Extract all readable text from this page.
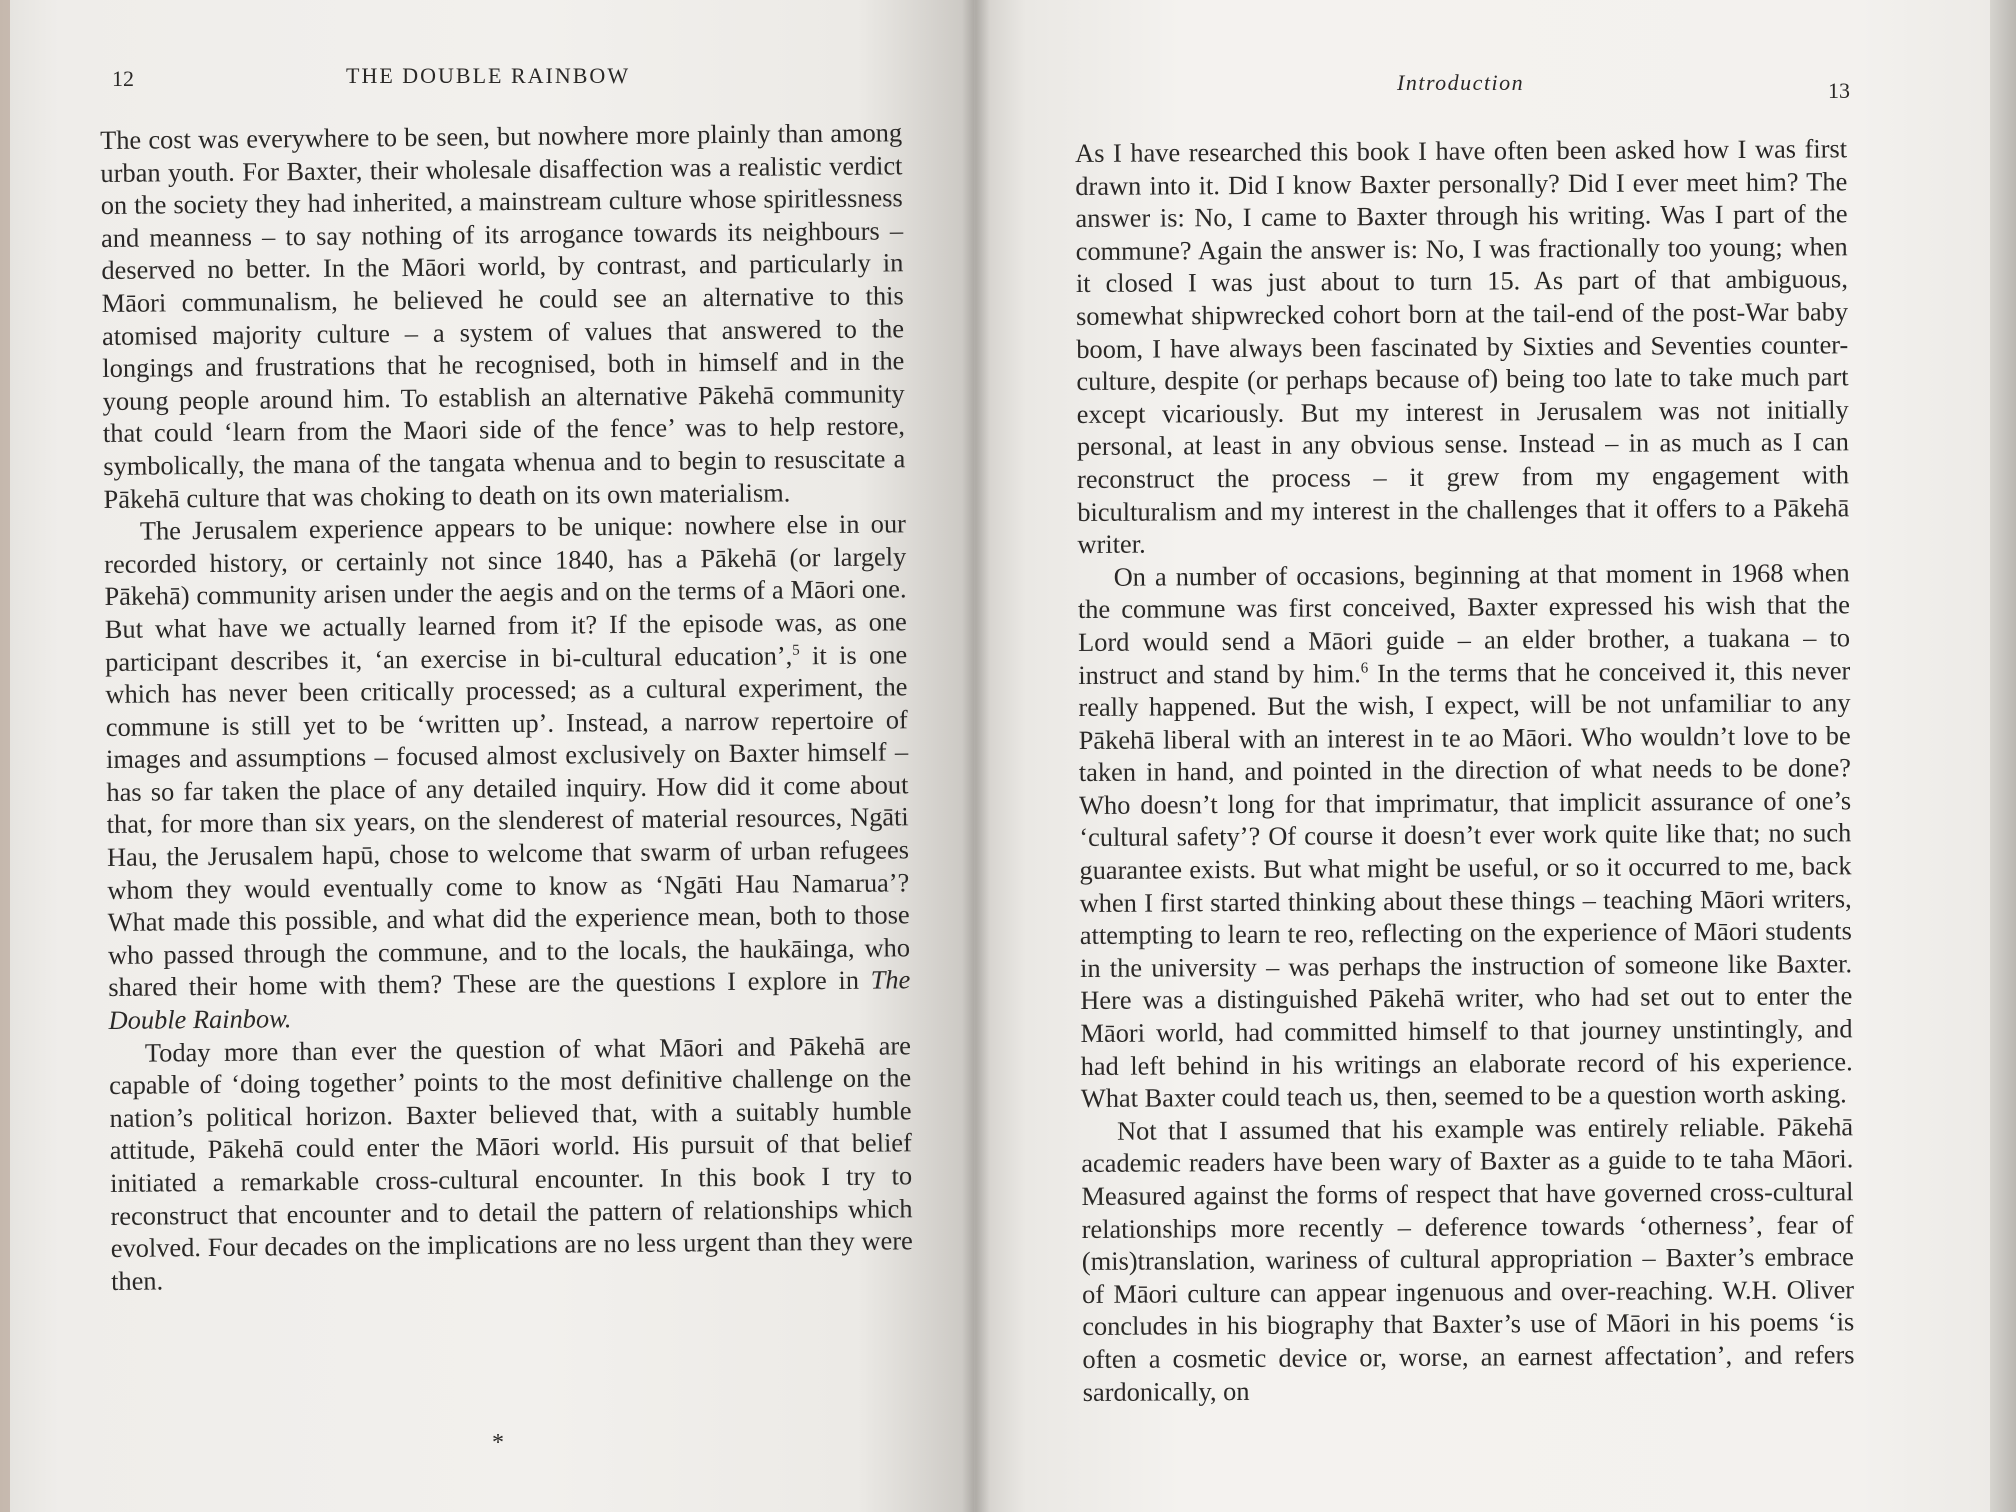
12	THE DOUBLE RAINBOW

The cost was everywhere to be seen, but nowhere more plainly than among urban youth. For Baxter, their wholesale disaffection was a realistic verdict on the society they had inherited, a mainstream culture whose spiritlessness and meanness – to say nothing of its arrogance towards its neighbours – deserved no better. In the Māori world, by contrast, and particularly in Māori communalism, he believed he could see an alternative to this atomised majority culture – a system of values that answered to the longings and frustrations that he recognised, both in himself and in the young people around him. To establish an alternative Pākehā community that could ‘learn from the Maori side of the fence’ was to help restore, symbolically, the mana of the tangata whenua and to begin to resuscitate a Pākehā culture that was choking to death on its own materialism.

The Jerusalem experience appears to be unique: nowhere else in our recorded history, or certainly not since 1840, has a Pākehā (or largely Pākehā) community arisen under the aegis and on the terms of a Māori one. But what have we actually learned from it? If the episode was, as one participant describes it, ‘an exercise in bi-cultural education’,$^5$ it is one which has never been critically processed; as a cultural experiment, the commune is still yet to be ‘written up’. Instead, a narrow repertoire of images and assumptions – focused almost exclusively on Baxter himself – has so far taken the place of any detailed inquiry. How did it come about that, for more than six years, on the slenderest of material resources, Ngāti Hau, the Jerusalem hapū, chose to welcome that swarm of urban refugees whom they would eventually come to know as ‘Ngāti Hau Namarua’? What made this possible, and what did the experience mean, both to those who passed through the commune, and to the locals, the haukāinga, who shared their home with them? These are the questions I explore in The Double Rainbow.

Today more than ever the question of what Māori and Pākehā are capable of ‘doing together’ points to the most definitive challenge on the nation’s political horizon. Baxter believed that, with a suitably humble attitude, Pākehā could enter the Māori world. His pursuit of that belief initiated a remarkable cross-cultural encounter. In this book I try to reconstruct that encounter and to detail the pattern of relationships which evolved. Four decades on the implications are no less urgent than they were then.

*
Introduction	13

As I have researched this book I have often been asked how I was first drawn into it. Did I know Baxter personally? Did I ever meet him? The answer is: No, I came to Baxter through his writing. Was I part of the commune? Again the answer is: No, I was fractionally too young; when it closed I was just about to turn 15. As part of that ambiguous, somewhat shipwrecked cohort born at the tail-end of the post-War baby boom, I have always been fascinated by Sixties and Seventies counter-culture, despite (or perhaps because of) being too late to take much part except vicariously. But my interest in Jerusalem was not initially personal, at least in any obvious sense. Instead – in as much as I can reconstruct the process – it grew from my engagement with biculturalism and my interest in the challenges that it offers to a Pākehā writer.

On a number of occasions, beginning at that moment in 1968 when the commune was first conceived, Baxter expressed his wish that the Lord would send a Māori guide – an elder brother, a tuakana – to instruct and stand by him.$^6$ In the terms that he conceived it, this never really happened. But the wish, I expect, will be not unfamiliar to any Pākehā liberal with an interest in te ao Māori. Who wouldn’t love to be taken in hand, and pointed in the direction of what needs to be done? Who doesn’t long for that imprimatur, that implicit assurance of one’s ‘cultural safety’? Of course it doesn’t ever work quite like that; no such guarantee exists. But what might be useful, or so it occurred to me, back when I first started thinking about these things – teaching Māori writers, attempting to learn te reo, reflecting on the experience of Māori students in the university – was perhaps the instruction of someone like Baxter. Here was a distinguished Pākehā writer, who had set out to enter the Māori world, had committed himself to that journey unstintingly, and had left behind in his writings an elaborate record of his experience. What Baxter could teach us, then, seemed to be a question worth asking.

Not that I assumed that his example was entirely reliable. Pākehā academic readers have been wary of Baxter as a guide to te taha Māori. Measured against the forms of respect that have governed cross-cultural relationships more recently – deference towards ‘otherness’, fear of (mis)translation, wariness of cultural appropriation – Baxter’s embrace of Māori culture can appear ingenuous and over-reaching. W.H. Oliver concludes in his biography that Baxter’s use of Māori in his poems ‘is often a cosmetic device or, worse, an earnest affectation’, and refers sardonically, on
